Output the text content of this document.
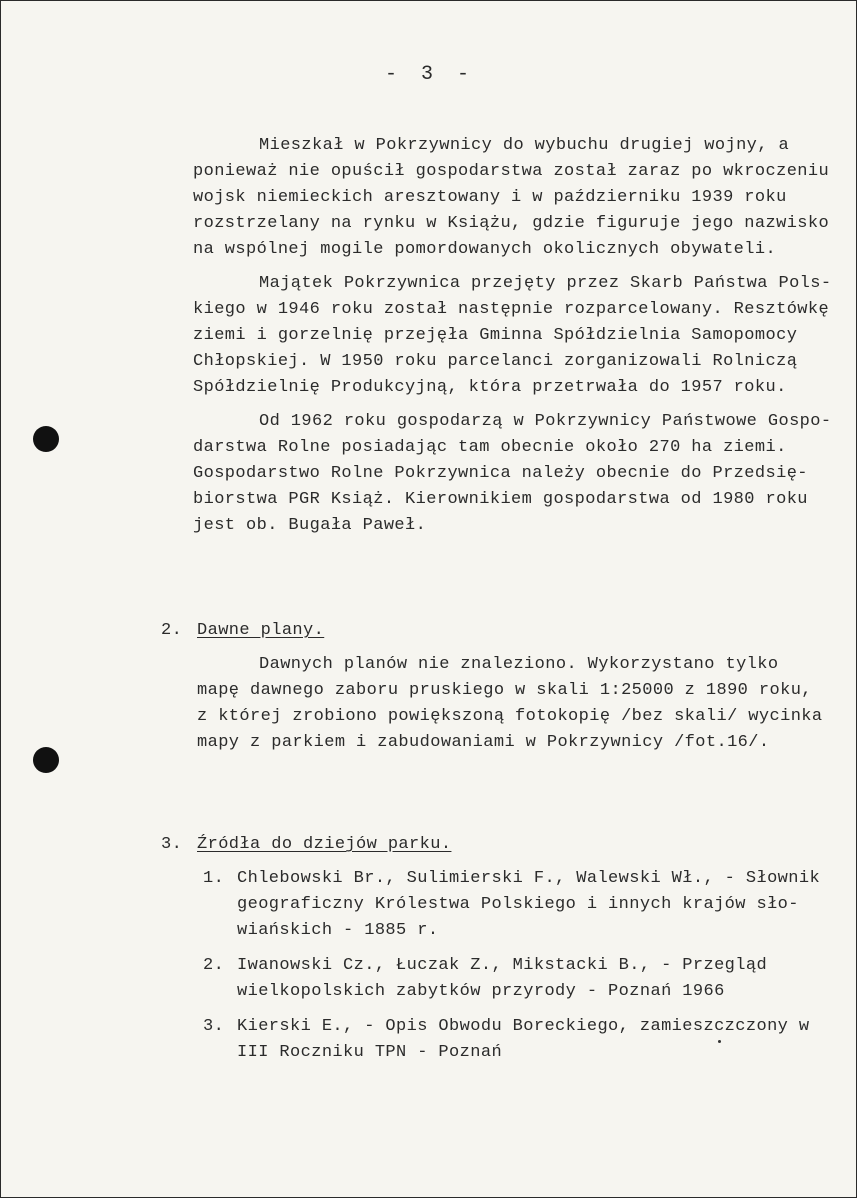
- 3 -
Mieszkał w Pokrzywnicy do wybuchu drugiej wojny, a
ponieważ nie opuścił gospodarstwa został zaraz po wkroczeniu
wojsk niemieckich aresztowany i w październiku 1939 roku
rozstrzelany na rynku w Książu, gdzie figuruje jego nazwisko
na wspólnej mogile pomordowanych okolicznych obywateli.
Majątek Pokrzywnica przejęty przez Skarb Państwa Pols-
kiego w 1946 roku został następnie rozparcelowany. Resztówkę
ziemi i gorzelnię przejęła Gminna Spółdzielnia Samopomocy
Chłopskiej. W 1950 roku parcelanci zorganizowali Rolniczą
Spółdzielnię Produkcyjną, która przetrwała do 1957 roku.
Od 1962 roku gospodarzą w Pokrzywnicy Państwowe Gospo-
darstwa Rolne posiadając tam obecnie około 270 ha ziemi.
Gospodarstwo Rolne Pokrzywnica należy obecnie do Przedsię-
biorstwa PGR Książ. Kierownikiem gospodarstwa od 1980 roku
jest ob. Bugała Paweł.
2. Dawne plany.
Dawnych planów nie znaleziono. Wykorzystano tylko
mapę dawnego zaboru pruskiego w skali 1:25000 z 1890 roku,
z której zrobiono powiększoną fotokopię /bez skali/ wycinka
mapy z parkiem i zabudowaniami w Pokrzywnicy /fot.16/.
3. Źródła do dziejów parku.
1. Chlebowski Br., Sulimierski F., Walewski Wł., - Słownik
geograficzny Królestwa Polskiego i innych krajów sło-
wiańskich - 1885 r.
2. Iwanowski Cz., Łuczak Z., Mikstacki B., - Przegląd
wielkopolskich zabytków przyrody - Poznań 1966
3. Kierski E., - Opis Obwodu Boreckiego, zamieszczczony w
III Roczniku TPN - Poznań
